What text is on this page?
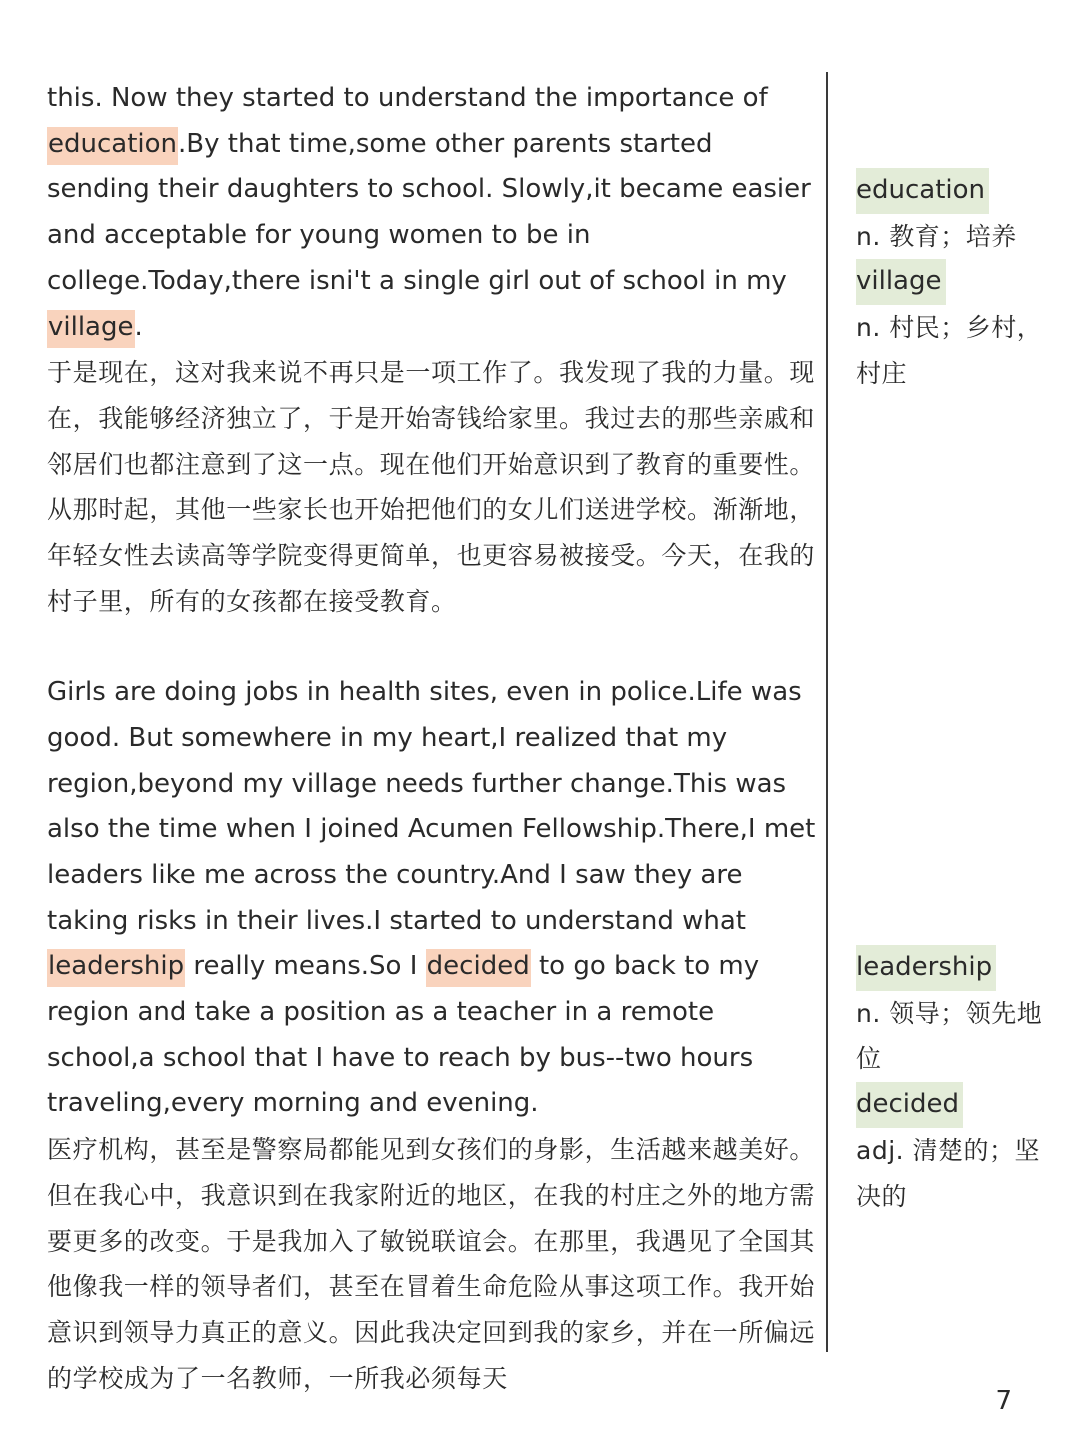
this. Now they started to understand the importance of education.By that time,some other parents started sending their daughters to school. Slowly,it became easier and acceptable for young women to be in college.Today,there isni't a single girl out of school in my village.

于是现在，这对我来说不再只是一项工作了。我发现了我的力量。现在，我能够经济独立了，于是开始寄钱给家里。我过去的那些亲戚和邻居们也都注意到了这一点。现在他们开始意识到了教育的重要性。从那时起，其他一些家长也开始把他们的女儿们送进学校。渐渐地，年轻女性去读高等学院变得更简单，也更容易被接受。今天，在我的村子里，所有的女孩都在接受教育。

Girls are doing jobs in health sites, even in police.Life was good. But somewhere in my heart,I realized that my region,beyond my village needs further change.This was also the time when I joined Acumen Fellowship.There,I met leaders like me across the country.And I saw they are taking risks in their lives.I started to understand what leadership really means.So I decided to go back to my region and take a position as a teacher in a remote school,a school that I have to reach by bus--two hours traveling,every morning and evening.

医疗机构，甚至是警察局都能见到女孩们的身影，生活越来越美好。但在我心中，我意识到在我家附近的地区，在我的村庄之外的地方需要更多的改变。于是我加入了敏锐联谊会。在那里，我遇见了全国其他像我一样的领导者们，甚至在冒着生命危险从事这项工作。我开始意识到领导力真正的意义。因此我决定回到我的家乡，并在一所偏远的学校成为了一名教师，一所我必须每天

education
n. 教育；培养
village
n. 村民；乡村，村庄
leadership
n. 领导；领先地位
decided
adj. 清楚的；坚决的
7
